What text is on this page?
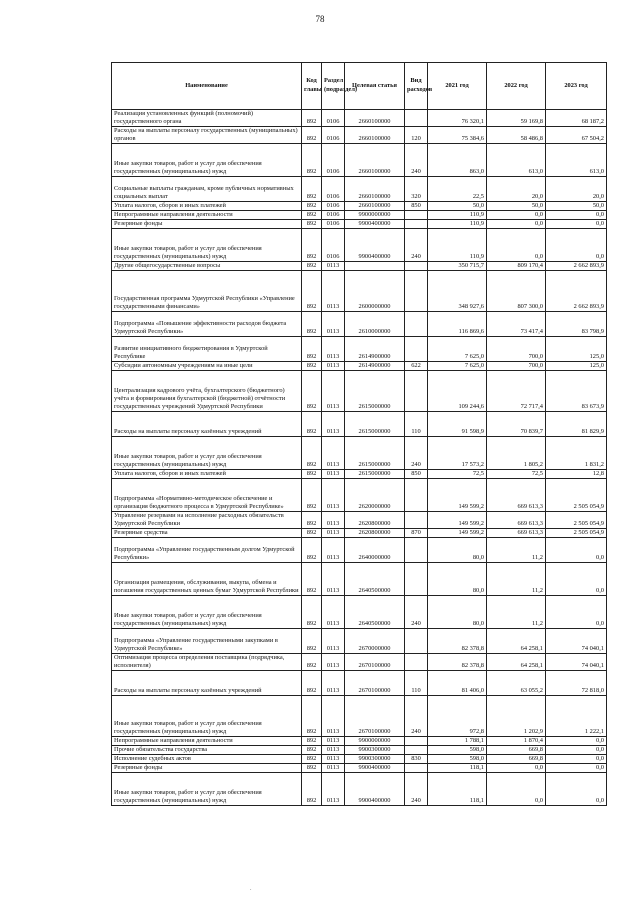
78
Наименование	Код главы	Раздел (подраздел)	Целевая статья	Вид расходов	2021 год	2022 год	2023 год
Реализация установленных функций (полномочий) государственного органа	892	0106	2660100000		76 320,1	59 169,8	68 187,2
Расходы на выплаты персоналу государственных (муниципальных) органов	892	0106	2660100000	120	75 384,6	58 486,8	67 504,2
Иные закупки товаров, работ и услуг для обеспечения государственных (муниципальных) нужд	892	0106	2660100000	240	863,0	613,0	613,0
Социальные выплаты гражданам, кроме публичных нормативных социальных выплат	892	0106	2660100000	320	22,5	20,0	20,0
Уплата налогов, сборов и иных платежей	892	0106	2660100000	850	50,0	50,0	50,0
Непрограммные направления деятельности	892	0106	9900000000		110,9	0,0	0,0
Резервные фонды	892	0106	9900400000		110,9	0,0	0,0
Иные закупки товаров, работ и услуг для обеспечения государственных (муниципальных) нужд	892	0106	9900400000	240	110,9	0,0	0,0
Другие общегосударственные вопросы	892	0113			350 715,7	809 170,4	2 662 893,9
Государственная программа Удмуртской Республики «Управление государственными финансами»	892	0113	2600000000		348 927,6	807 300,0	2 662 893,9
Подпрограмма «Повышение эффективности расходов бюджета Удмуртской Республики»	892	0113	2610000000		116 869,6	73 417,4	83 798,9
Развитие инициативного бюджетирования в Удмуртской Республике	892	0113	2614900000		7 625,0	700,0	125,0
Субсидии автономным учреждениям на иные цели	892	0113	2614900000	622	7 625,0	700,0	125,0
Централизация кадрового учёта, бухгалтерского (бюджетного) учёта и формирования бухгалтерской (бюджетной) отчётности государственных учреждений Удмуртской Республики	892	0113	2615000000		109 244,6	72 717,4	83 673,9
Расходы на выплаты персоналу казённых учреждений	892	0113	2615000000	110	91 598,9	70 839,7	81 829,9
Иные закупки товаров, работ и услуг для обеспечения государственных (муниципальных) нужд	892	0113	2615000000	240	17 573,2	1 805,2	1 831,2
Уплата налогов, сборов и иных платежей	892	0113	2615000000	850	72,5	72,5	12,8
Подпрограмма «Нормативно-методическое обеспечение и организация бюджетного процесса в Удмуртской Республике»	892	0113	2620000000		149 599,2	669 613,3	2 505 054,9
Управление резервами на исполнение расходных обязательств Удмуртской Республики	892	0113	2620800000		149 599,2	669 613,3	2 505 054,9
Резервные средства	892	0113	2620800000	870	149 599,2	669 613,3	2 505 054,9
Подпрограмма «Управление государственным долгом Удмуртской Республики»	892	0113	2640000000		80,0	11,2	0,0
Организация размещения, обслуживания, выкупа, обмена и погашения государственных ценных бумаг Удмуртской Республики	892	0113	2640500000		80,0	11,2	0,0
Иные закупки товаров, работ и услуг для обеспечения государственных (муниципальных) нужд	892	0113	2640500000	240	80,0	11,2	0,0
Подпрограмма «Управление государственными закупками в Удмуртской Республике»	892	0113	2670000000		82 378,8	64 258,1	74 040,1
Оптимизация процесса определения поставщика (подрядчика, исполнителя)	892	0113	2670100000		82 378,8	64 258,1	74 040,1
Расходы на выплаты персоналу казённых учреждений	892	0113	2670100000	110	81 406,0	63 055,2	72 818,0
Иные закупки товаров, работ и услуг для обеспечения государственных (муниципальных) нужд	892	0113	2670100000	240	972,8	1 202,9	1 222,1
Непрограммные направления деятельности	892	0113	9900000000		1 788,1	1 870,4	0,0
Прочие обязательства государства	892	0113	9900300000		598,0	669,8	0,0
Исполнение судебных актов	892	0113	9900300000	830	598,0	669,8	0,0
Резервные фонды	892	0113	9900400000		118,1	0,0	0,0
Иные закупки товаров, работ и услуг для обеспечения государственных (муниципальных) нужд	892	0113	9900400000	240	118,1	0,0	0,0
.
